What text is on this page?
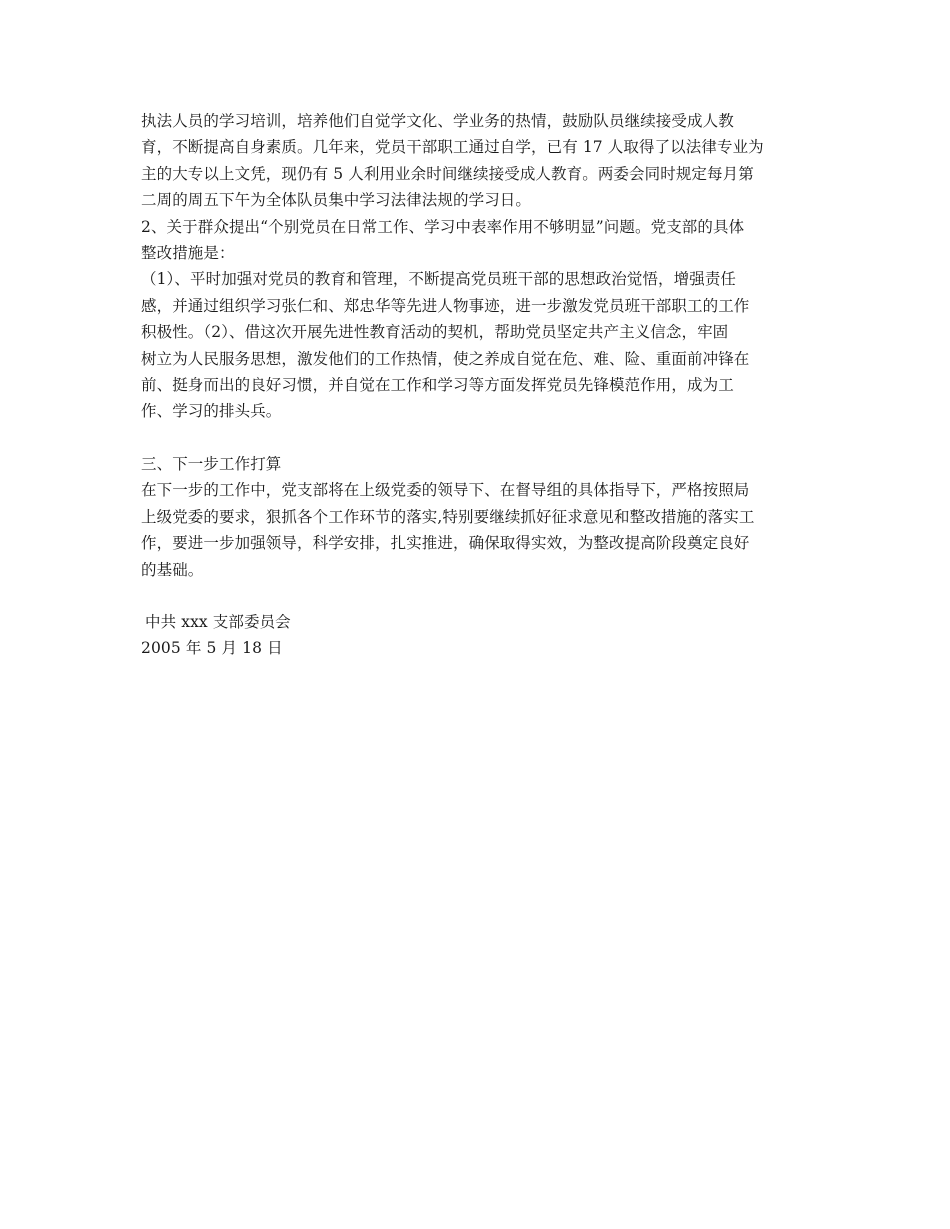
执法人员的学习培训，培养他们自觉学文化、学业务的热情，鼓励队员继续接受成人教
育，不断提高自身素质。几年来，党员干部职工通过自学，已有 17 人取得了以法律专业为
主的大专以上文凭，现仍有 5 人利用业余时间继续接受成人教育。两委会同时规定每月第
二周的周五下午为全体队员集中学习法律法规的学习日。
2、关于群众提出“个别党员在日常工作、学习中表率作用不够明显”问题。党支部的具体
整改措施是：
（1）、平时加强对党员的教育和管理，不断提高党员班干部的思想政治觉悟，增强责任
感，并通过组织学习张仁和、郑忠华等先进人物事迹，进一步激发党员班干部职工的工作
积极性。（2）、借这次开展先进性教育活动的契机，帮助党员坚定共产主义信念，牢固
树立为人民服务思想，激发他们的工作热情，使之养成自觉在危、难、险、重面前冲锋在
前、挺身而出的良好习惯，并自觉在工作和学习等方面发挥党员先锋模范作用，成为工
作、学习的排头兵。
三、下一步工作打算
在下一步的工作中，党支部将在上级党委的领导下、在督导组的具体指导下，严格按照局
上级党委的要求，狠抓各个工作环节的落实,特别要继续抓好征求意见和整改措施的落实工
作，要进一步加强领导，科学安排，扎实推进，确保取得实效，为整改提高阶段奠定良好
的基础。
中共 xxx 支部委员会
2005 年 5 月 18 日
